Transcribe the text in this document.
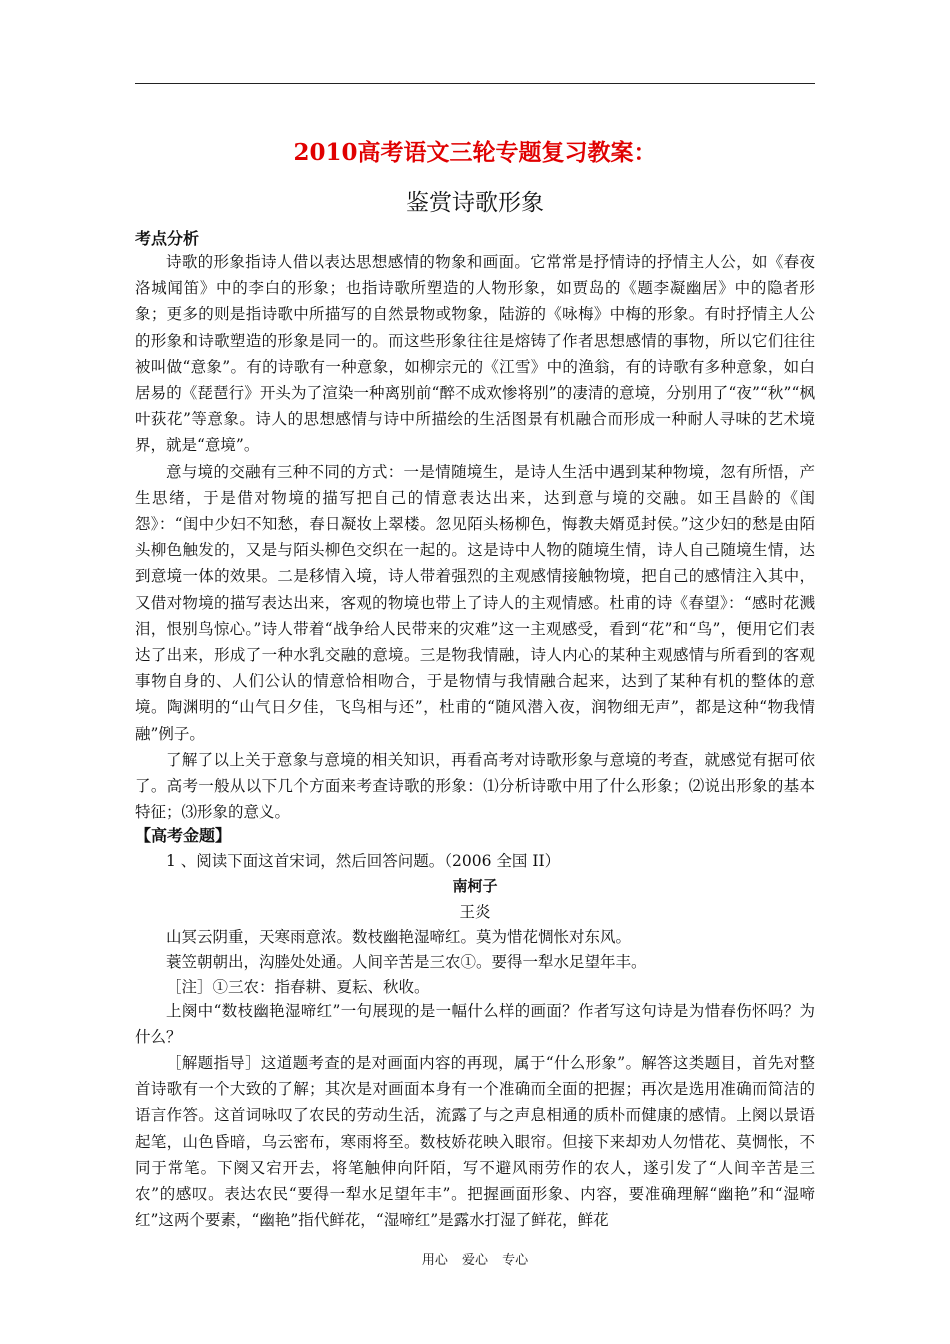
2010高考语文三轮专题复习教案：
鉴赏诗歌形象
考点分析

诗歌的形象指诗人借以表达思想感情的物象和画面。它常常是抒情诗的抒情主人公，如《春夜洛城闻笛》中的李白的形象；也指诗歌所塑造的人物形象，如贾岛的《题李凝幽居》中的隐者形象；更多的则是指诗歌中所描写的自然景物或物象，陆游的《咏梅》中梅的形象。有时抒情主人公的形象和诗歌塑造的形象是同一的。而这些形象往往是熔铸了作者思想感情的事物，所以它们往往被叫做“意象”。有的诗歌有一种意象，如柳宗元的《江雪》中的渔翁，有的诗歌有多种意象，如白居易的《琵琶行》开头为了渲染一种离别前“醉不成欢惨将别”的凄清的意境，分别用了“夜”“秋”“枫叶荻花”等意象。诗人的思想感情与诗中所描绘的生活图景有机融合而形成一种耐人寻味的艺术境界，就是“意境”。

意与境的交融有三种不同的方式：一是情随境生，是诗人生活中遇到某种物境，忽有所悟，产生思绪，于是借对物境的描写把自己的情意表达出来，达到意与境的交融。如王昌龄的《闺怨》：“闺中少妇不知愁，春日凝妆上翠楼。忽见陌头杨柳色，悔教夫婿觅封侯。”这少妇的愁是由陌头柳色触发的，又是与陌头柳色交织在一起的。这是诗中人物的随境生情，诗人自己随境生情，达到意境一体的效果。二是移情入境，诗人带着强烈的主观感情接触物境，把自己的感情注入其中，又借对物境的描写表达出来，客观的物境也带上了诗人的主观情感。杜甫的诗《春望》：“感时花溅泪，恨别鸟惊心。”诗人带着“战争给人民带来的灾难”这一主观感受，看到“花”和“鸟”，便用它们表达了出来，形成了一种水乳交融的意境。三是物我情融，诗人内心的某种主观感情与所看到的客观事物自身的、人们公认的情意恰相吻合，于是物情与我情融合起来，达到了某种有机的整体的意境。陶渊明的“山气日夕佳，飞鸟相与还”，杜甫的“随风潜入夜，润物细无声”，都是这种“物我情融”例子。

了解了以上关于意象与意境的相关知识，再看高考对诗歌形象与意境的考查，就感觉有据可依了。高考一般从以下几个方面来考查诗歌的形象：⑴分析诗歌中用了什么形象；⑵说出形象的基本特征；⑶形象的意义。

【高考金题】
1 、阅读下面这首宋词，然后回答问题。（2006 全国 II）
南柯子
王炎
山冥云阴重，天寒雨意浓。数枝幽艳湿啼红。莫为惜花惆怅对东风。
蓑笠朝朝出，沟塍处处通。人间辛苦是三农①。要得一犁水足望年丰。
［注］①三农：指春耕、夏耘、秋收。

上阕中“数枝幽艳湿啼红”一句展现的是一幅什么样的画面？作者写这句诗是为惜春伤怀吗？为什么？

［解题指导］这道题考查的是对画面内容的再现，属于“什么形象”。解答这类题目，首先对整首诗歌有一个大致的了解；其次是对画面本身有一个准确而全面的把握；再次是选用准确而简洁的语言作答。这首词咏叹了农民的劳动生活，流露了与之声息相通的质朴而健康的感情。上阕以景语起笔，山色昏暗，乌云密布，寒雨将至。数枝娇花映入眼帘。但接下来却劝人勿惜花、莫惆怅，不同于常笔。下阕又宕开去，将笔触伸向阡陌，写不避风雨劳作的农人，遂引发了“人间辛苦是三农”的感叹。表达农民“要得一犁水足望年丰”。把握画面形象、内容，要准确理解“幽艳”和“湿啼红”这两个要素，“幽艳”指代鲜花，“湿啼红”是露水打湿了鲜花，鲜花

用心 爱心 专心
